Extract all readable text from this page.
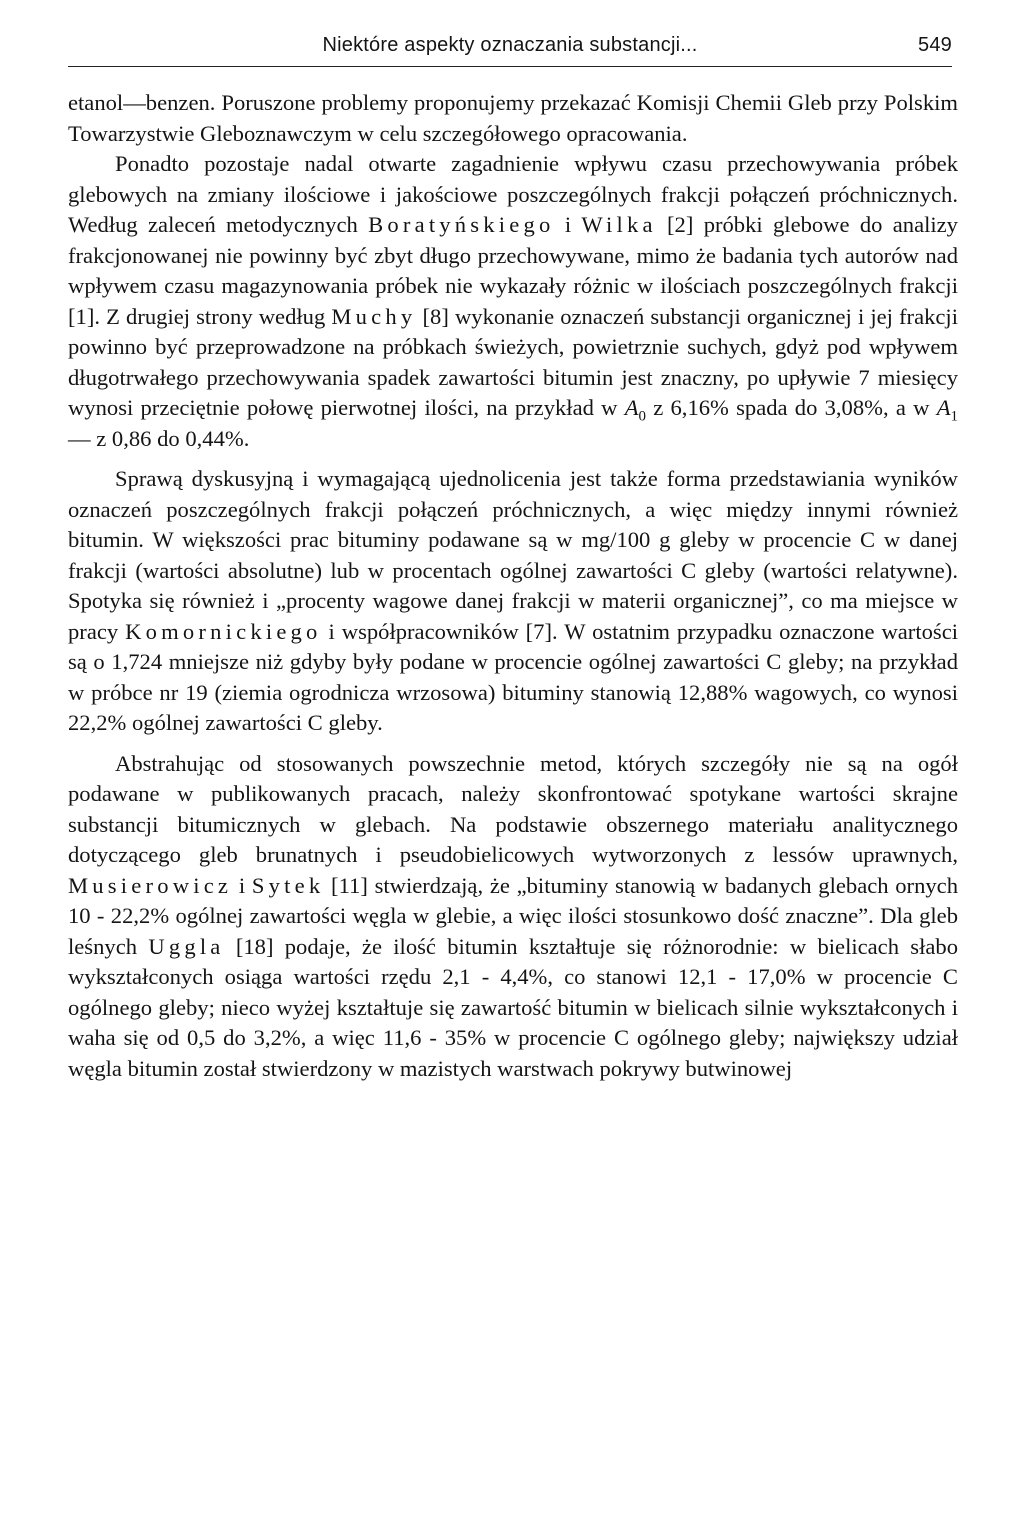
Niektóre aspekty oznaczania substancji...	549

etanol—benzen. Poruszone problemy proponujemy przekazać Komisji Chemii Gleb przy Polskim Towarzystwie Gleboznawczym w celu szczegółowego opracowania.

Ponadto pozostaje nadal otwarte zagadnienie wpływu czasu przechowywania próbek glebowych na zmiany ilościowe i jakościowe poszczególnych frakcji połączeń próchnicznych. Według zaleceń metodycznych Boratyńskiego i Wilka [2] próbki glebowe do analizy frakcjonowanej nie powinny być zbyt długo przechowywane, mimo że badania tych autorów nad wpływem czasu magazynowania próbek nie wykazały różnic w ilościach poszczególnych frakcji [1]. Z drugiej strony według Muchy [8] wykonanie oznaczeń substancji organicznej i jej frakcji powinno być przeprowadzone na próbkach świeżych, powietrznie suchych, gdyż pod wpływem długotrwałego przechowywania spadek zawartości bitumin jest znaczny, po upływie 7 miesięcy wynosi przeciętnie połowę pierwotnej ilości, na przykład w $A_0$ z 6,16% spada do 3,08%, a w $A_1$ — z 0,86 do 0,44%.

Sprawą dyskusyjną i wymagającą ujednolicenia jest także forma przedstawiania wyników oznaczeń poszczególnych frakcji połączeń próchnicznych, a więc między innymi również bitumin. W większości prac bituminy podawane są w mg/100 g gleby w procencie C w danej frakcji (wartości absolutne) lub w procentach ogólnej zawartości C gleby (wartości relatywne). Spotyka się również i „procenty wagowe danej frakcji w materii organicznej”, co ma miejsce w pracy Komornickiego i współpracowników [7]. W ostatnim przypadku oznaczone wartości są o 1,724 mniejsze niż gdyby były podane w procencie ogólnej zawartości C gleby; na przykład w próbce nr 19 (ziemia ogrodnicza wrzosowa) bituminy stanowią 12,88% wagowych, co wynosi 22,2% ogólnej zawartości C gleby.

Abstrahując od stosowanych powszechnie metod, których szczegóły nie są na ogół podawane w publikowanych pracach, należy skonfrontować spotykane wartości skrajne substancji bitumicznych w glebach. Na podstawie obszernego materiału analitycznego dotyczącego gleb brunatnych i pseudobielicowych wytworzonych z lessów uprawnych, Musierowicz i Sytek [11] stwierdzają, że „bituminy stanowią w badanych glebach ornych 10 - 22,2% ogólnej zawartości węgla w glebie, a więc ilości stosunkowo dość znaczne”. Dla gleb leśnych Uggla [18] podaje, że ilość bitumin kształtuje się różnorodnie: w bielicach słabo wykształconych osiąga wartości rzędu 2,1 - 4,4%, co stanowi 12,1 - 17,0% w procencie C ogólnego gleby; nieco wyżej kształtuje się zawartość bitumin w bielicach silnie wykształconych i waha się od 0,5 do 3,2%, a więc 11,6 - 35% w procencie C ogólnego gleby; największy udział węgla bitumin został stwierdzony w mazistych warstwach pokrywy butwinowej
